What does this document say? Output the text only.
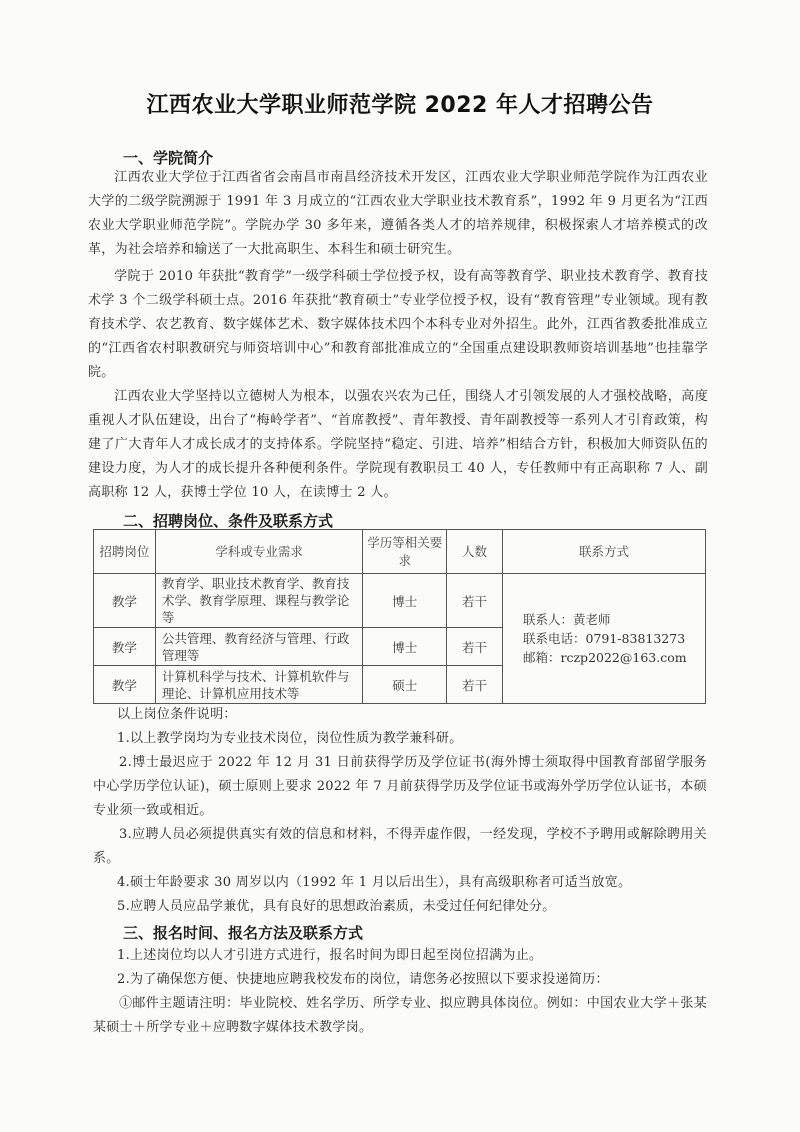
江西农业大学职业师范学院 2022 年人才招聘公告
一、学院简介

江西农业大学位于江西省省会南昌市南昌经济技术开发区，江西农业大学职业师范学院作为江西农业大学的二级学院溯源于 1991 年 3 月成立的“江西农业大学职业技术教育系”，1992 年 9 月更名为“江西农业大学职业师范学院”。学院办学 30 多年来，遵循各类人才的培养规律，积极探索人才培养模式的改革，为社会培养和输送了一大批高职生、本科生和硕士研究生。

学院于 2010 年获批“教育学”一级学科硕士学位授予权，设有高等教育学、职业技术教育学、教育技术学 3 个二级学科硕士点。2016 年获批“教育硕士”专业学位授予权，设有“教育管理”专业领域。现有教育技术学、农艺教育、数字媒体艺术、数字媒体技术四个本科专业对外招生。此外，江西省教委批准成立的“江西省农村职教研究与师资培训中心”和教育部批准成立的“全国重点建设职教师资培训基地”也挂靠学院。

江西农业大学坚持以立德树人为根本，以强农兴农为己任，围绕人才引领发展的人才强校战略，高度重视人才队伍建设，出台了“梅岭学者”、“首席教授”、青年教授、青年副教授等一系列人才引育政策，构建了广大青年人才成长成才的支持体系。学院坚持“稳定、引进、培养”相结合方针，积极加大师资队伍的建设力度，为人才的成长提升各种便利条件。学院现有教职员工 40 人，专任教师中有正高职称 7 人、副高职称 12 人，获博士学位 10 人，在读博士 2 人。

二、招聘岗位、条件及联系方式
招聘岗位	学科或专业需求	学历等相关要求	人数	联系方式
教学	教育学、职业技术教育学、教育技术学、教育学原理、课程与教学论等	博士	若干	联系人：黄老师
联系电话：0791-83813273
邮箱：rczp2022@163.com

教学	公共管理、教育经济与管理、行政管理等	博士	若干	
教学	计算机科学与技术、计算机软件与理论、计算机应用技术等	硕士	若干	

以上岗位条件说明：

1.以上教学岗均为专业技术岗位，岗位性质为教学兼科研。

2.博士最迟应于 2022 年 12 月 31 日前获得学历及学位证书(海外博士须取得中国教育部留学服务中心学历学位认证)，硕士原则上要求 2022 年 7 月前获得学历及学位证书或海外学历学位认证书，本硕专业须一致或相近。

3.应聘人员必须提供真实有效的信息和材料，不得弄虚作假，一经发现，学校不予聘用或解除聘用关系。

4.硕士年龄要求 30 周岁以内（1992 年 1 月以后出生），具有高级职称者可适当放宽。

5.应聘人员应品学兼优，具有良好的思想政治素质，未受过任何纪律处分。

三、报名时间、报名方法及联系方式

1.上述岗位均以人才引进方式进行，报名时间为即日起至岗位招满为止。

2.为了确保您方便、快捷地应聘我校发布的岗位，请您务必按照以下要求投递简历：

①邮件主题请注明：毕业院校、姓名学历、所学专业、拟应聘具体岗位。例如：中国农业大学＋张某某硕士＋所学专业＋应聘数字媒体技术教学岗。
